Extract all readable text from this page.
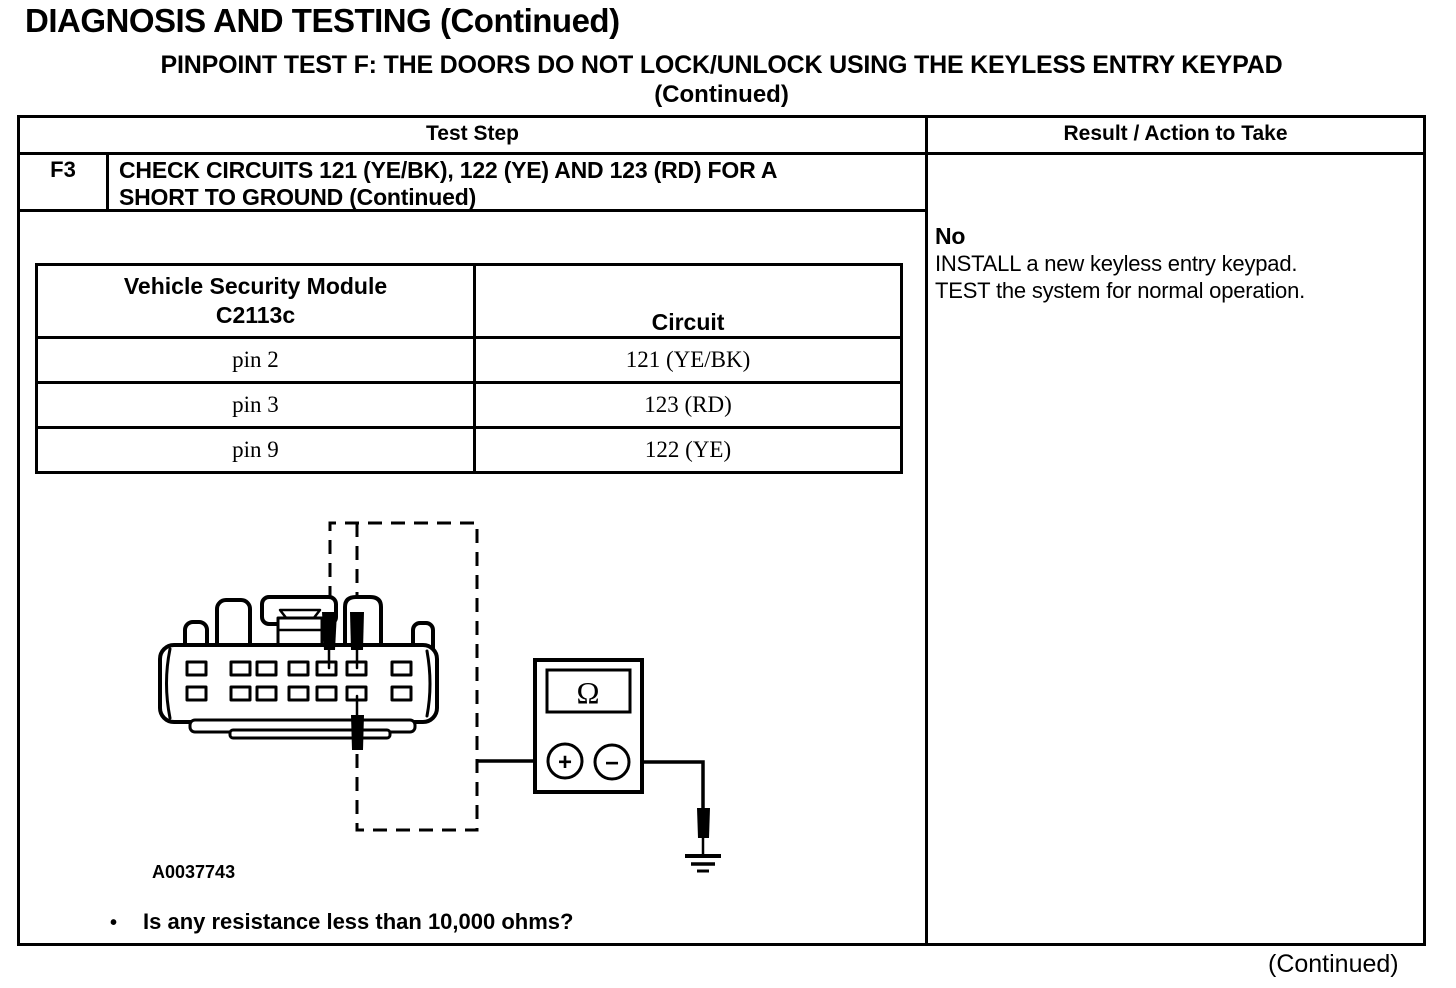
DIAGNOSIS AND TESTING (Continued)
PINPOINT TEST F: THE DOORS DO NOT LOCK/UNLOCK USING THE KEYLESS ENTRY KEYPAD
(Continued)
Test Step	Result / Action to Take
F3	CHECK CIRCUITS 121 (YE/BK), 122 (YE) AND 123 (RD) FOR A
SHORT TO GROUND (Continued)
No
INSTALL a new keyless entry keypad.
TEST the system for normal operation.
Vehicle Security Module
C2113c	Circuit
pin 2	121 (YE/BK)
pin 3	123 (RD)
pin 9	122 (YE)
Ω
+ −
A0037743
• Is any resistance less than 10,000 ohms?
(Continued)
